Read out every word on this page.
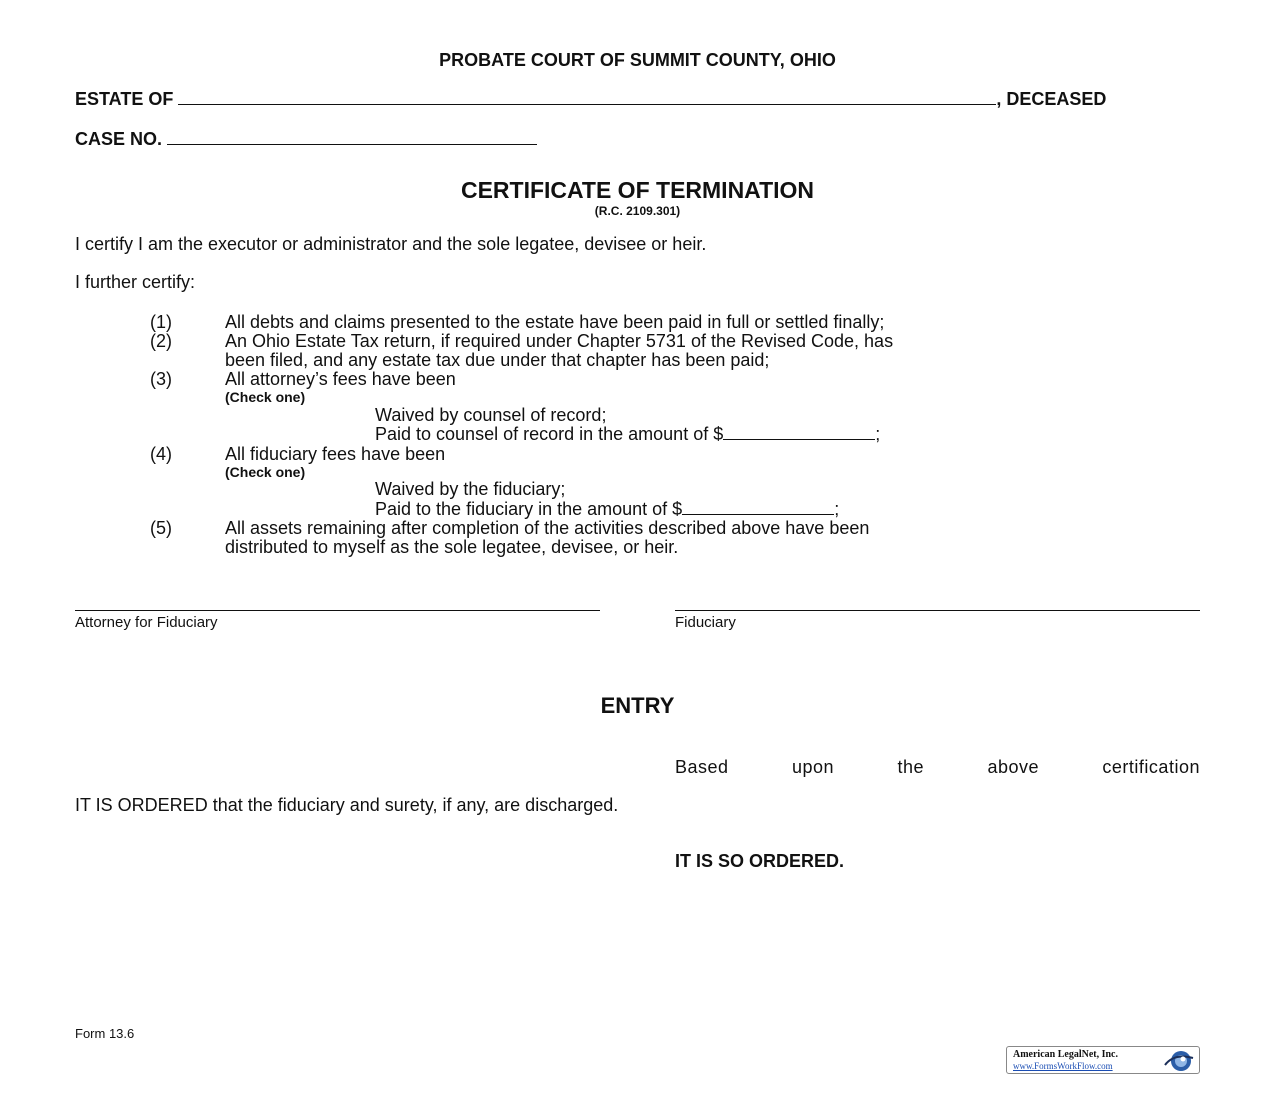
PROBATE COURT OF SUMMIT COUNTY, OHIO
ESTATE OF	, DECEASED
CASE NO.
CERTIFICATE OF TERMINATION
(R.C. 2109.301)
I certify I am the executor or administrator and the sole legatee, devisee or heir.
I further certify:
(1)	All debts and claims presented to the estate have been paid in full or settled finally;
(2)	An Ohio Estate Tax return, if required under Chapter 5731 of the Revised Code, has
been filed, and any estate tax due under that chapter has been paid;
(3)	All attorney’s fees have been
(Check one)
Waived by counsel of record;
Paid to counsel of record in the amount of $	;
(4)	All fiduciary fees have been
(Check one)
Waived by the fiduciary;
Paid to the fiduciary in the amount of $	;
(5)	All assets remaining after completion of the activities described above have been
distributed to myself as the sole legatee, devisee, or heir.
Attorney for Fiduciary	Fiduciary
ENTRY
Based	upon	the	above	certification
IT IS ORDERED that the fiduciary and surety, if any, are discharged.
IT IS SO ORDERED.
Form 13.6
American LegalNet, Inc.
www.FormsWorkFlow.com
